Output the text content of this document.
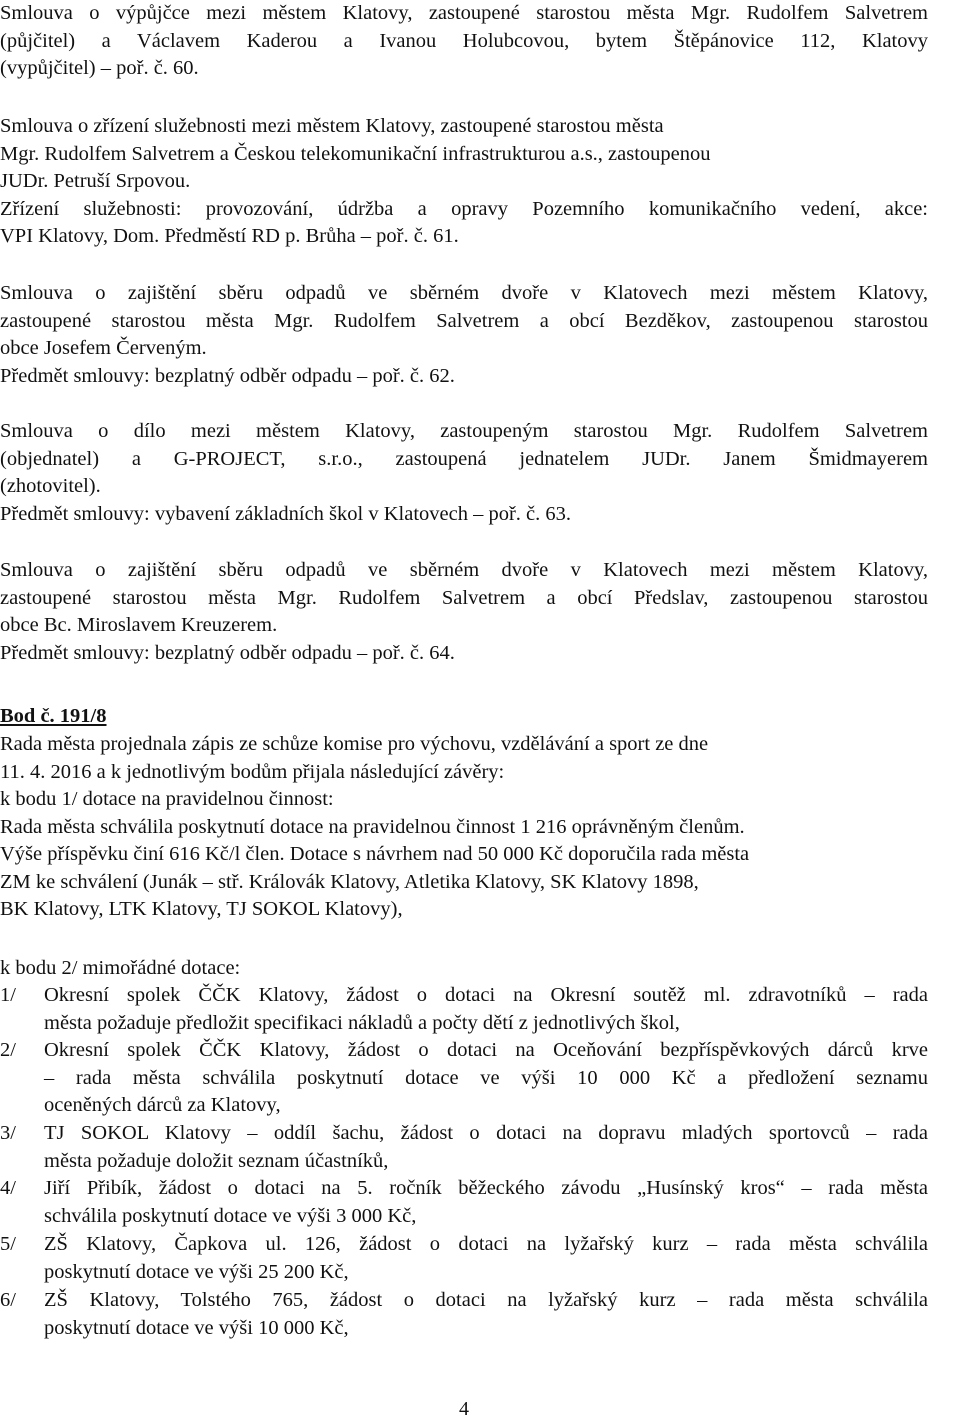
Smlouva o výpůjčce mezi městem Klatovy, zastoupené starostou města Mgr. Rudolfem Salvetrem
(půjčitel) a Václavem Kaderou a Ivanou Holubcovou, bytem Štěpánovice 112, Klatovy
(vypůjčitel) – poř. č. 60.
Smlouva o zřízení služebnosti mezi městem Klatovy, zastoupené starostou města
Mgr. Rudolfem Salvetrem a Českou telekomunikační infrastrukturou a.s., zastoupenou
JUDr. Petruší Srpovou.
Zřízení služebnosti: provozování, údržba a opravy Pozemního komunikačního vedení, akce:
VPI Klatovy, Dom. Předměstí RD p. Brůha – poř. č. 61.
Smlouva o zajištění sběru odpadů ve sběrném dvoře v Klatovech mezi městem Klatovy,
zastoupené starostou města Mgr. Rudolfem Salvetrem a obcí Bezděkov, zastoupenou starostou
obce Josefem Červeným.
Předmět smlouvy: bezplatný odběr odpadu – poř. č. 62.
Smlouva o dílo mezi městem Klatovy, zastoupeným starostou Mgr. Rudolfem Salvetrem
(objednatel) a G-PROJECT, s.r.o., zastoupená jednatelem JUDr. Janem Šmidmayerem
(zhotovitel).
Předmět smlouvy: vybavení základních škol v Klatovech – poř. č. 63.
Smlouva o zajištění sběru odpadů ve sběrném dvoře v Klatovech mezi městem Klatovy,
zastoupené starostou města Mgr. Rudolfem Salvetrem a obcí Předslav, zastoupenou starostou
obce Bc. Miroslavem Kreuzerem.
Předmět smlouvy: bezplatný odběr odpadu – poř. č. 64.
Bod č. 191/8
Rada města projednala zápis ze schůze komise pro výchovu, vzdělávání a sport ze dne
11. 4. 2016 a k jednotlivým bodům přijala následující závěry:
k bodu 1/ dotace na pravidelnou činnost:
Rada města schválila poskytnutí dotace na pravidelnou činnost 1 216 oprávněným členům.
Výše příspěvku činí 616 Kč/l člen. Dotace s návrhem nad 50 000 Kč doporučila rada města
ZM ke schválení (Junák – stř. Královák Klatovy, Atletika Klatovy, SK Klatovy 1898,
BK Klatovy, LTK Klatovy, TJ SOKOL Klatovy),
k bodu 2/ mimořádné dotace:
1/ Okresní spolek ČČK Klatovy, žádost o dotaci na Okresní soutěž ml. zdravotníků – rada
města požaduje předložit specifikaci nákladů a počty dětí z jednotlivých škol,
2/ Okresní spolek ČČK Klatovy, žádost o dotaci na Oceňování bezpříspěvkových dárců krve
– rada města schválila poskytnutí dotace ve výši 10 000 Kč a předložení seznamu
oceněných dárců za Klatovy,
3/ TJ SOKOL Klatovy – oddíl šachu, žádost o dotaci na dopravu mladých sportovců – rada
města požaduje doložit seznam účastníků,
4/ Jiří Přibík, žádost o dotaci na 5. ročník běžeckého závodu „Husínský kros“ – rada města
schválila poskytnutí dotace ve výši 3 000 Kč,
5/ ZŠ Klatovy, Čapkova ul. 126, žádost o dotaci na lyžařský kurz – rada města schválila
poskytnutí dotace ve výši 25 200 Kč,
6/ ZŠ Klatovy, Tolstého 765, žádost o dotaci na lyžařský kurz – rada města schválila
poskytnutí dotace ve výši 10 000 Kč,
4
